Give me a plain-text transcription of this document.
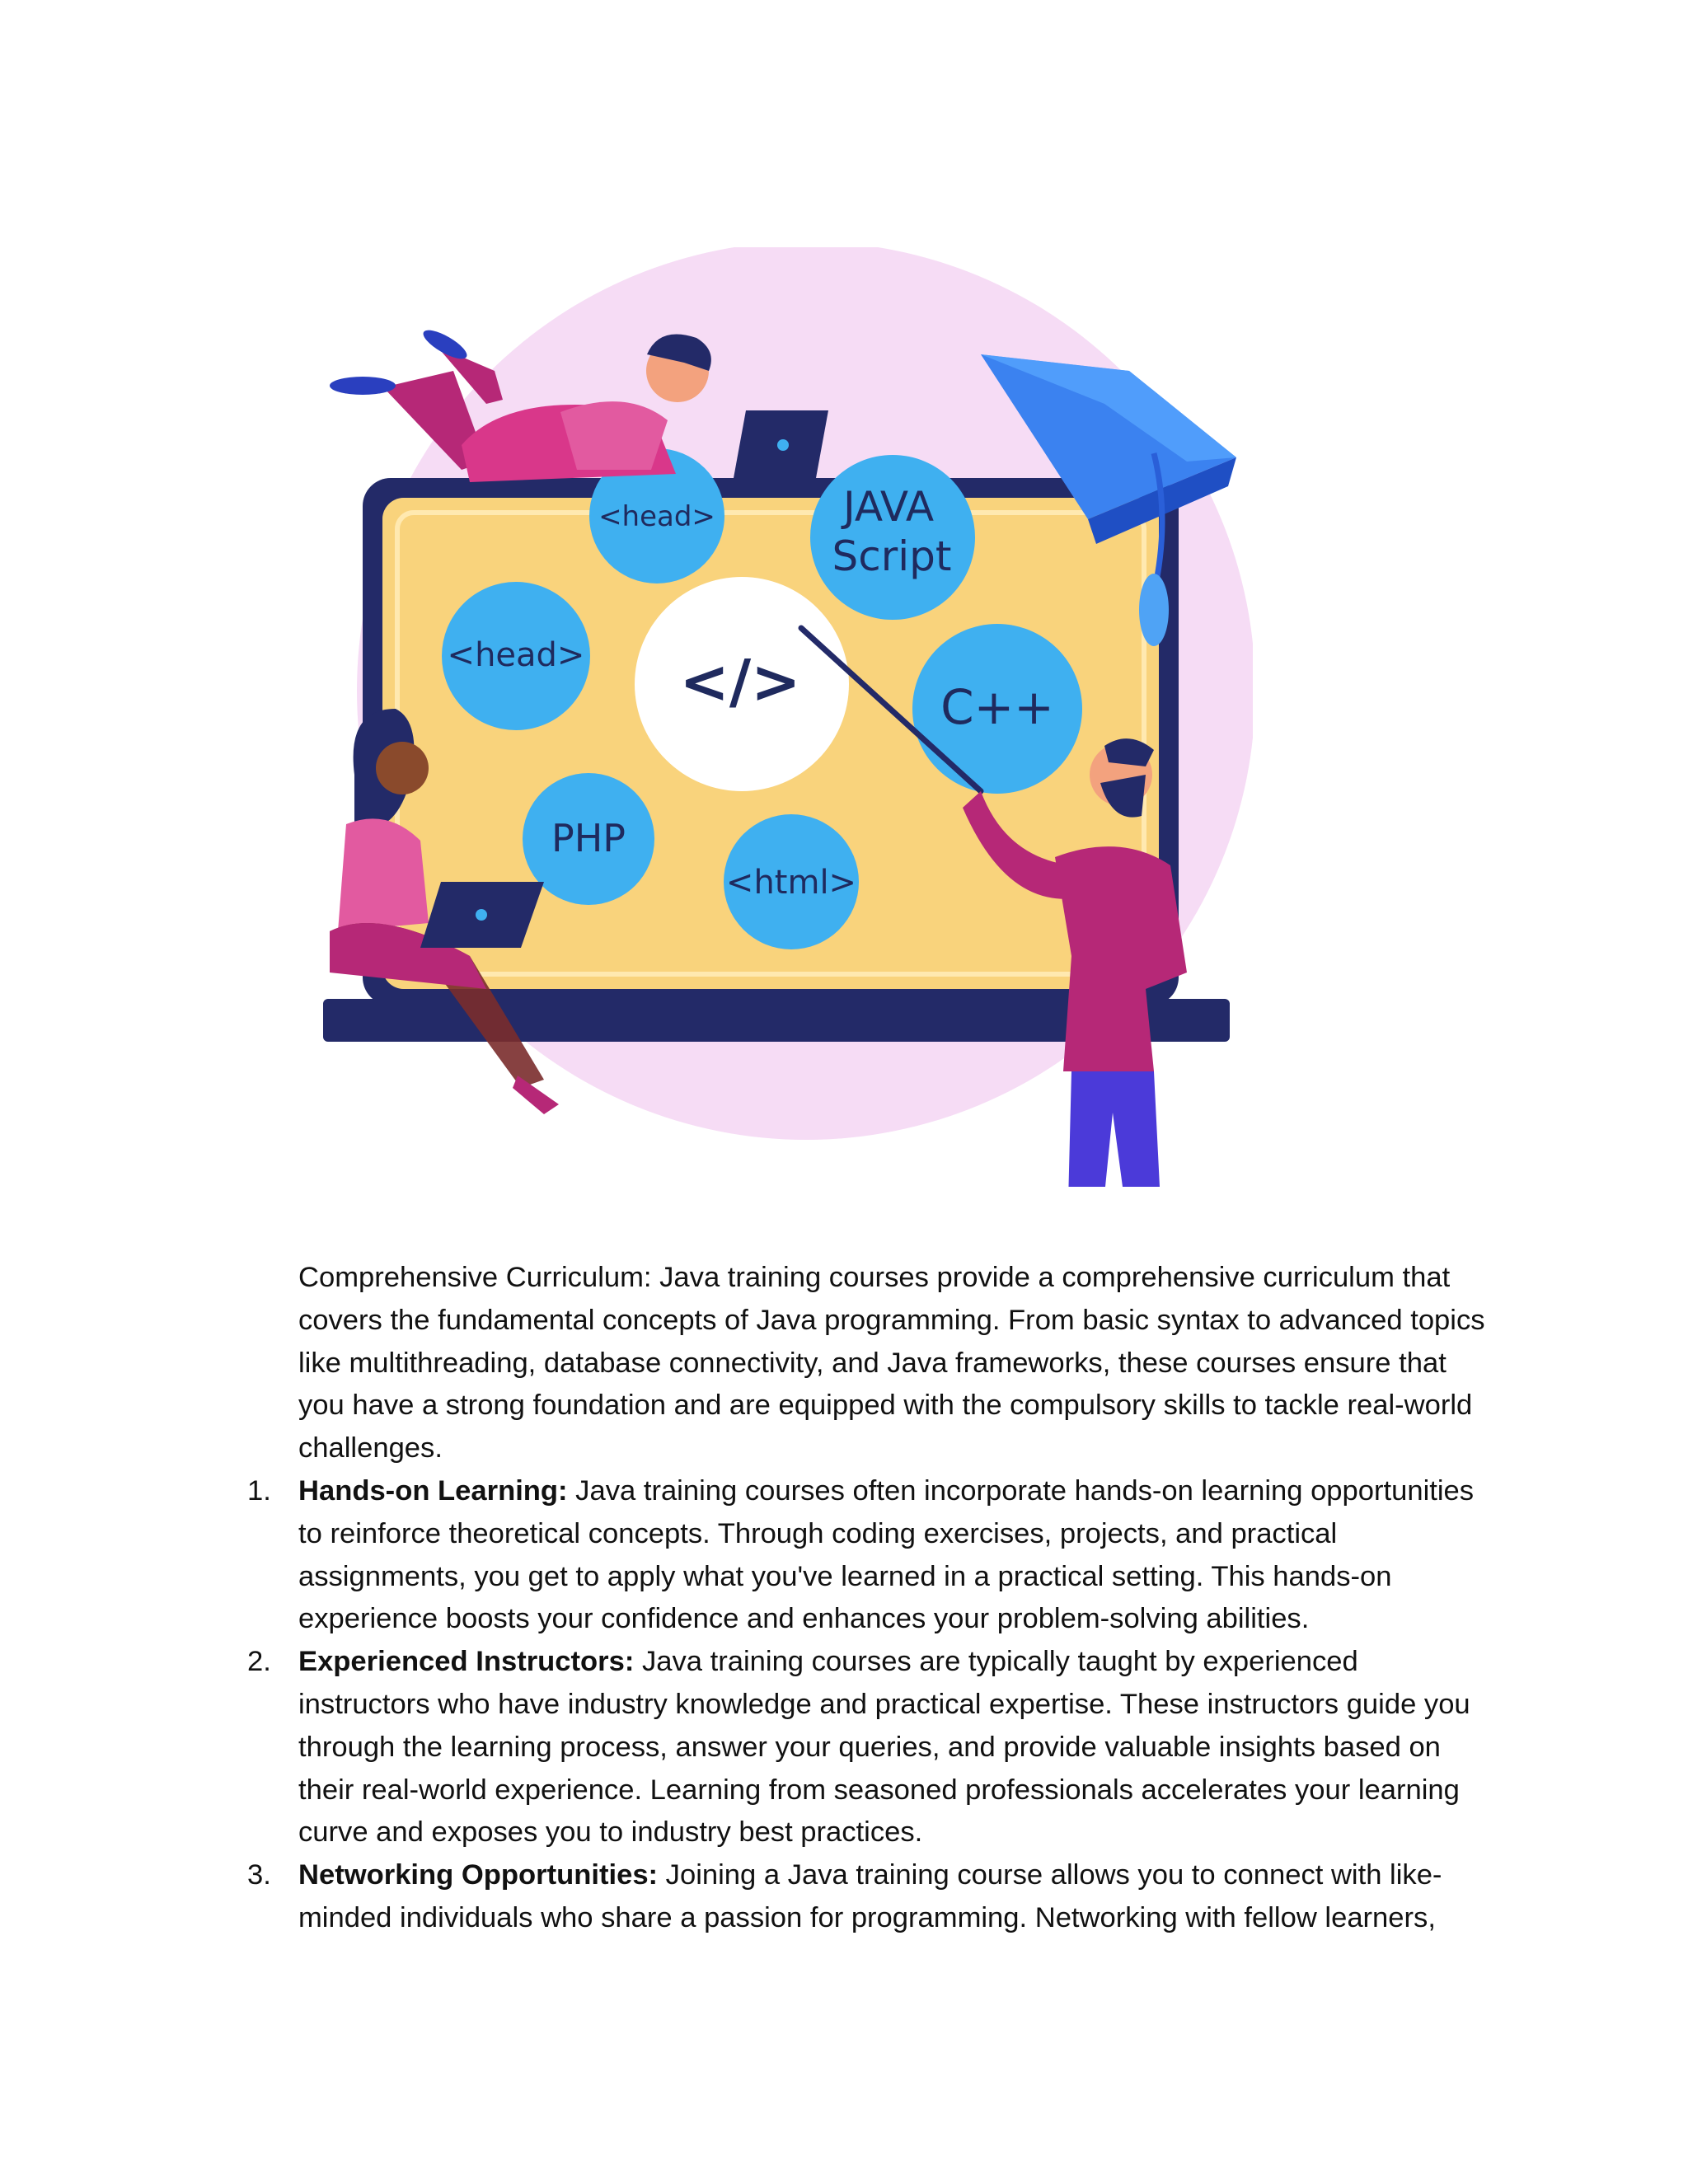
<head>	JAVA
Script
<head> </>	C++
PHP
<html>

Comprehensive Curriculum: Java training courses provide a comprehensive curriculum that covers the fundamental concepts of Java programming. From basic syntax to advanced topics like multithreading, database connectivity, and Java frameworks, these courses ensure that you have a strong foundation and are equipped with the compulsory skills to tackle real-world challenges.

1. Hands-on Learning: Java training courses often incorporate hands-on learning opportunities to reinforce theoretical concepts. Through coding exercises, projects, and practical assignments, you get to apply what you've learned in a practical setting. This hands-on experience boosts your confidence and enhances your problem-solving abilities.
2. Experienced Instructors: Java training courses are typically taught by experienced instructors who have industry knowledge and practical expertise. These instructors guide you through the learning process, answer your queries, and provide valuable insights based on their real-world experience. Learning from seasoned professionals accelerates your learning curve and exposes you to industry best practices.
3. Networking Opportunities: Joining a Java training course allows you to connect with like-minded individuals who share a passion for programming. Networking with fellow learners,
